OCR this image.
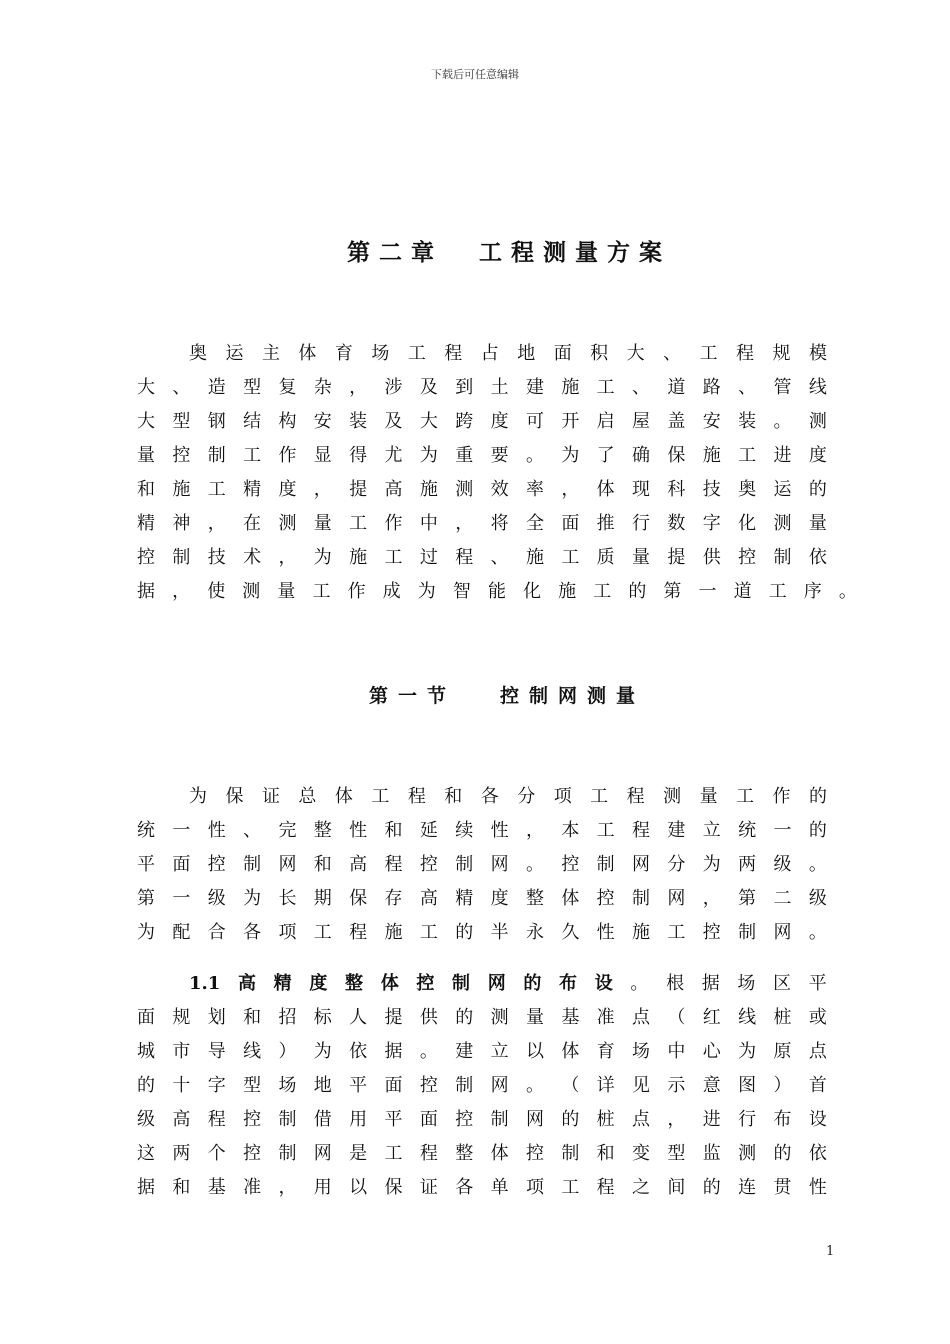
下载后可任意编辑
第二章 工程测量方案
奥 运 主 体 育 场 工 程 占 地 面 积 大 、 工 程 规 模
大 、 造 型 复 杂 ， 涉 及 到 土 建 施 工 、 道 路 、 管 线
大 型 钢 结 构 安 装 及 大 跨 度 可 开 启 屋 盖 安 装 。 测
量 控 制 工 作 显 得 尤 为 重 要 。 为 了 确 保 施 工 进 度
和 施 工 精 度 ， 提 高 施 测 效 率 ， 体 现 科 技 奥 运 的
精 神 ， 在 测 量 工 作 中 ， 将 全 面 推 行 数 字 化 测 量
控 制 技 术 ， 为 施 工 过 程 、 施 工 质 量 提 供 控 制 依
据 ， 使 测 量 工 作 成 为 智 能 化 施 工 的 第 一 道 工 序 。
第一节 控制网测量
为 保 证 总 体 工 程 和 各 分 项 工 程 测 量 工 作 的
统 一 性 、 完 整 性 和 延 续 性 ， 本 工 程 建 立 统 一 的
平 面 控 制 网 和 高 程 控 制 网 。 控 制 网 分 为 两 级 。
第 一 级 为 长 期 保 存 高 精 度 整 体 控 制 网 ， 第 二 级
为 配 合 各 项 工 程 施 工 的 半 永 久 性 施 工 控 制 网 。
1.1 高 精 度 整 体 控 制 网 的 布 设 。 根 据 场 区 平
面 规 划 和 招 标 人 提 供 的 测 量 基 准 点 （ 红 线 桩 或
城 市 导 线 ） 为 依 据 。 建 立 以 体 育 场 中 心 为 原 点
的 十 字 型 场 地 平 面 控 制 网 。 （ 详 见 示 意 图 ） 首
级 高 程 控 制 借 用 平 面 控 制 网 的 桩 点 ， 进 行 布 设
这 两 个 控 制 网 是 工 程 整 体 控 制 和 变 型 监 测 的 依
据 和 基 准 ， 用 以 保 证 各 单 项 工 程 之 间 的 连 贯 性
1
